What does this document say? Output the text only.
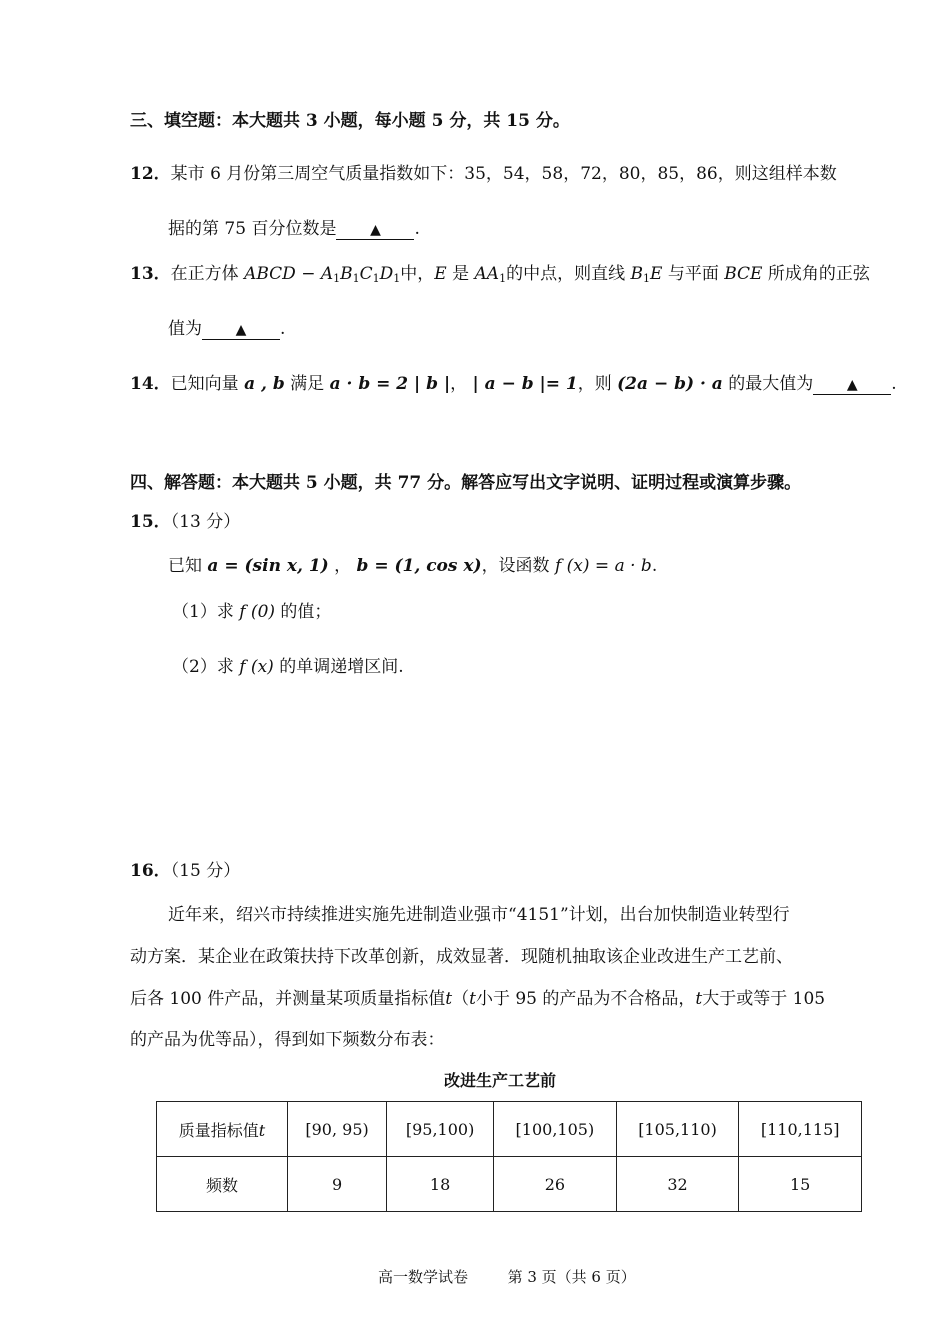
三、填空题：本大题共 3 小题，每小题 5 分，共 15 分。
12．某市 6 月份第三周空气质量指数如下：35，54，58，72，80，85，86，则这组样本数
据的第 75 百分位数是 ▲ .
13．在正方体 ABCD − $A_1B_1C_1D_1$中，E 是 $AA_1$的中点，则直线 $B_1E$ 与平面 BCE 所成角的正弦
值为 ▲ .
14．已知向量 a , b 满足 a · b = 2 | b |， | a − b |= 1，则 (2a − b) · a 的最大值为 ▲ .
四、解答题：本大题共 5 小题，共 77 分。解答应写出文字说明、证明过程或演算步骤。
15．（13 分）
已知 a = (sin x, 1) ， b = (1, cos x)，设函数 f (x) = a · b.
（1）求 f (0) 的值；
（2）求 f (x) 的单调递增区间.
16．（15 分）
近年来，绍兴市持续推进实施先进制造业强市“4151”计划，出台加快制造业转型行
动方案．某企业在政策扶持下改革创新，成效显著．现随机抽取该企业改进生产工艺前、
后各 100 件产品，并测量某项质量指标值t（t小于 95 的产品为不合格品，t大于或等于 105
的产品为优等品），得到如下频数分布表：
改进生产工艺前
质量指标值t	[90, 95)	[95,100)	[100,105)	[105,110)	[110,115]
频数	9	18	26	32	15
高一数学试卷	第 3 页（共 6 页）
